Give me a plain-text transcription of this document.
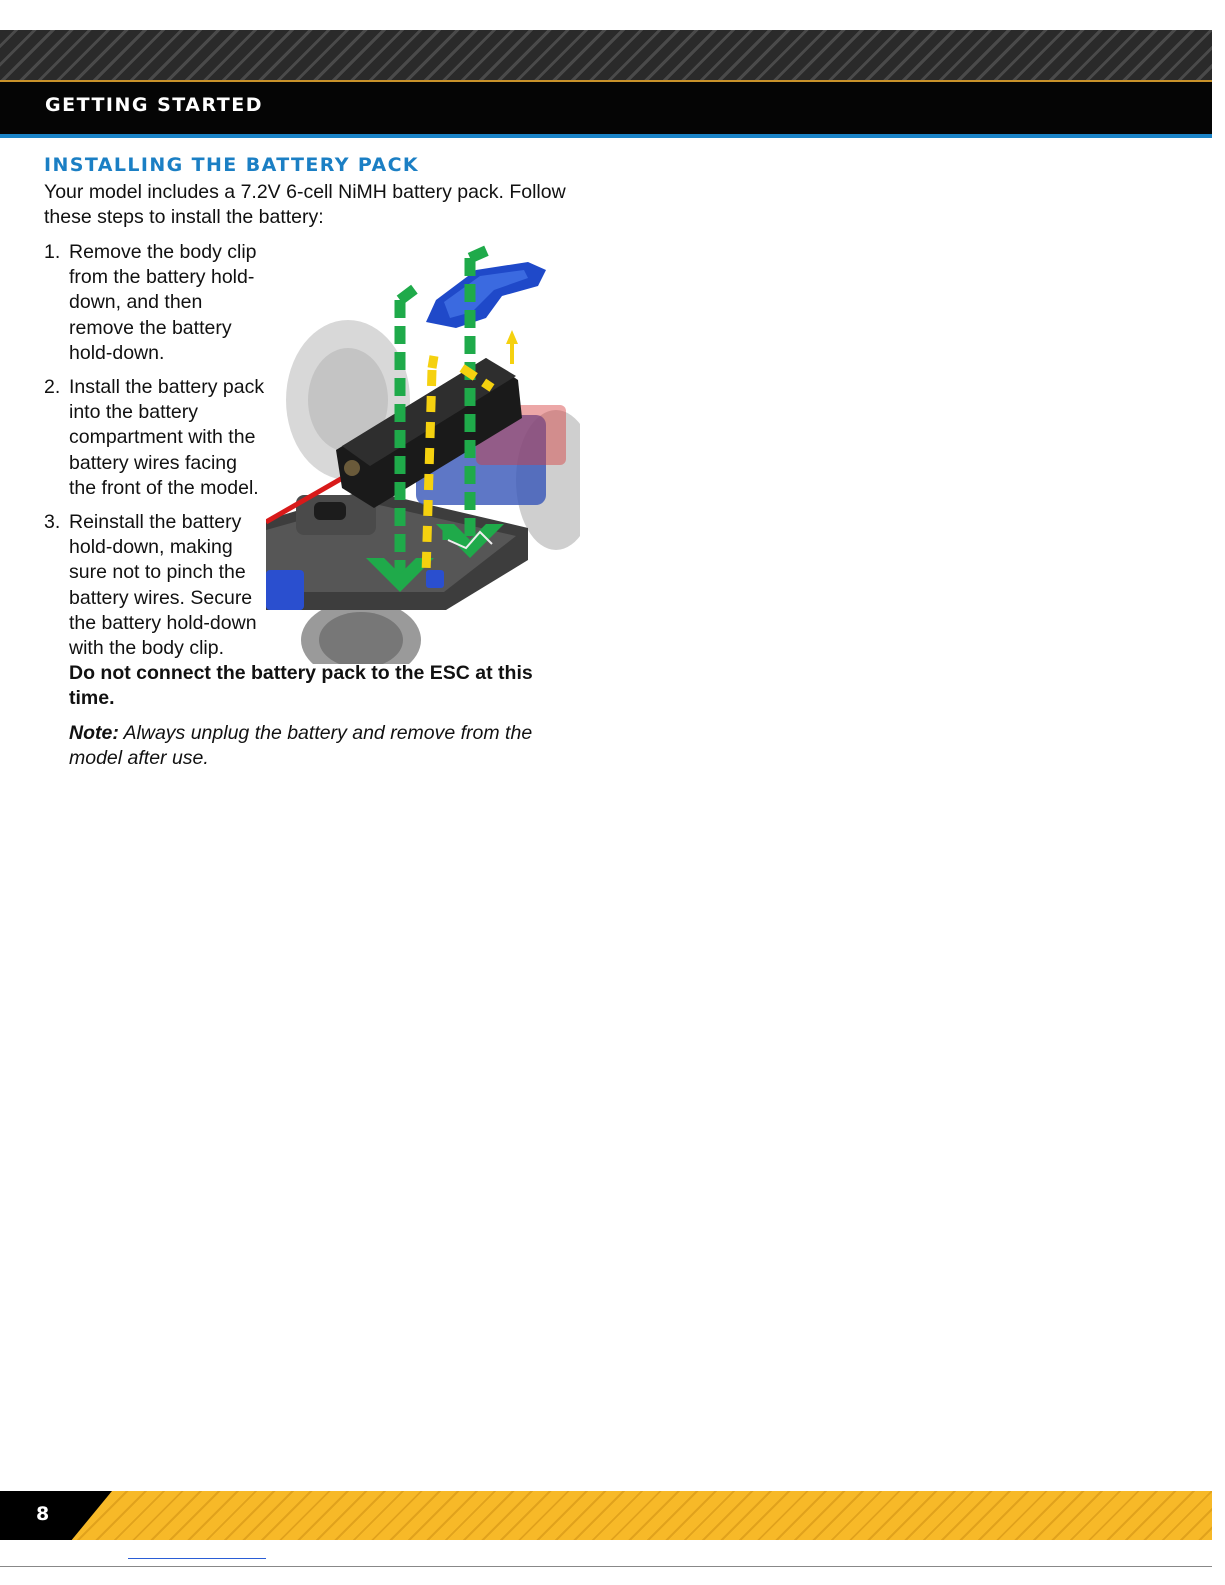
GETTING STARTED
INSTALLING THE BATTERY PACK

Your model includes a 7.2V 6-cell NiMH battery pack. Follow these steps to install the battery:

1. Remove the body clip from the battery hold-down, and then remove the battery hold-down.
2. Install the battery pack into the battery compartment with the battery wires facing the front of the model.
3. Reinstall the battery hold-down, making sure not to pinch the battery wires. Secure the battery hold-down with the body clip.
Do not connect the battery pack to the ESC at this time.
Note: Always unplug the battery and remove from the model after use.
8
